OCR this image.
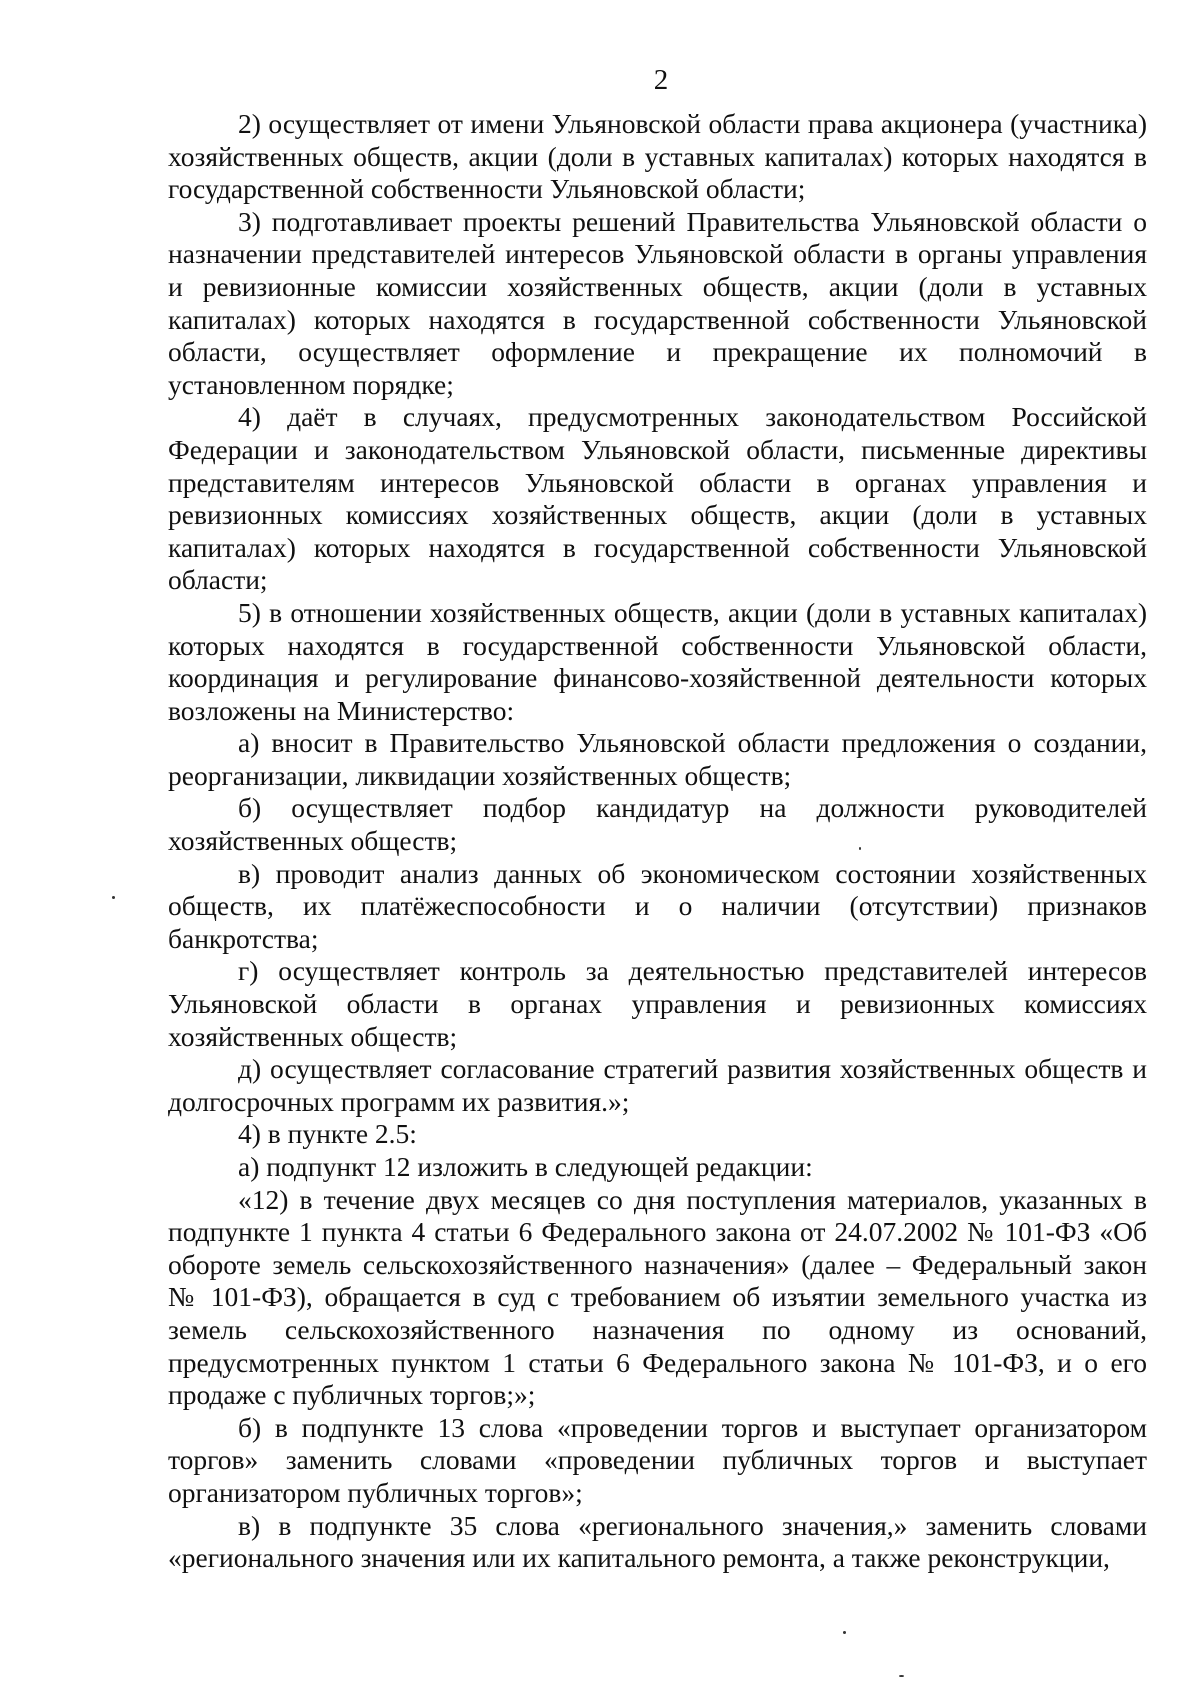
2

2) осуществляет от имени Ульяновской области права акционера (участника) хозяйственных обществ, акции (доли в уставных капиталах) которых находятся в государственной собственности Ульяновской области;

3) подготавливает проекты решений Правительства Ульяновской области о назначении представителей интересов Ульяновской области в органы управления и ревизионные комиссии хозяйственных обществ, акции (доли в уставных капиталах) которых находятся в государственной собственности Ульяновской области, осуществляет оформление и прекращение их полномочий в установленном порядке;

4) даёт в случаях, предусмотренных законодательством Российской Федерации и законодательством Ульяновской области, письменные директивы представителям интересов Ульяновской области в органах управления и ревизионных комиссиях хозяйственных обществ, акции (доли в уставных капиталах) которых находятся в государственной собственности Ульяновской области;

5) в отношении хозяйственных обществ, акции (доли в уставных капиталах) которых находятся в государственной собственности Ульяновской области, координация и регулирование финансово-хозяйственной деятельности которых возложены на Министерство:

а) вносит в Правительство Ульяновской области предложения о создании, реорганизации, ликвидации хозяйственных обществ;

б) осуществляет подбор кандидатур на должности руководителей хозяйственных обществ;

в) проводит анализ данных об экономическом состоянии хозяйственных обществ, их платёжеспособности и о наличии (отсутствии) признаков банкротства;

г) осуществляет контроль за деятельностью представителей интересов Ульяновской области в органах управления и ревизионных комиссиях хозяйственных обществ;

д) осуществляет согласование стратегий развития хозяйственных обществ и долгосрочных программ их развития.»;

4) в пункте 2.5:

а) подпункт 12 изложить в следующей редакции:

«12) в течение двух месяцев со дня поступления материалов, указанных в подпункте 1 пункта 4 статьи 6 Федерального закона от 24.07.2002 № 101-ФЗ «Об обороте земель сельскохозяйственного назначения» (далее – Федеральный закон № 101-ФЗ), обращается в суд с требованием об изъятии земельного участка из земель сельскохозяйственного назначения по одному из оснований, предусмотренных пунктом 1 статьи 6 Федерального закона № 101-ФЗ, и о его продаже с публичных торгов;»;

б) в подпункте 13 слова «проведении торгов и выступает организатором торгов» заменить словами «проведении публичных торгов и выступает организатором публичных торгов»;

в) в подпункте 35 слова «регионального значения,» заменить словами «регионального значения или их капитального ремонта, а также реконструкции,
